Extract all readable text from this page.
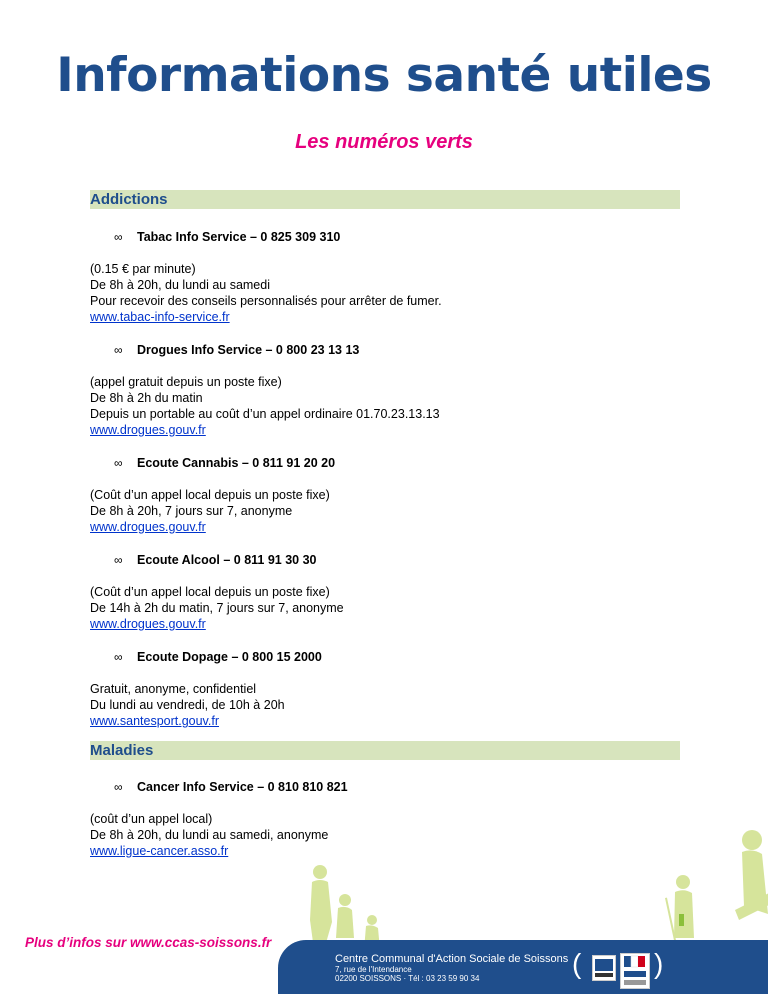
Informations santé utiles
Les numéros verts
Addictions
∞ Tabac Info Service – 0 825 309 310
(0.15 € par minute)
De 8h à 20h, du lundi au samedi
Pour recevoir des conseils personnalisés pour arrêter de fumer.
www.tabac-info-service.fr
∞ Drogues Info Service – 0 800 23 13 13
(appel gratuit depuis un poste fixe)
De 8h à 2h du matin
Depuis un portable au coût d’un appel ordinaire 01.70.23.13.13
www.drogues.gouv.fr
∞ Ecoute Cannabis – 0 811 91 20 20
(Coût d’un appel local depuis un poste fixe)
De 8h à 20h, 7 jours sur 7, anonyme
www.drogues.gouv.fr
∞ Ecoute Alcool – 0 811 91 30 30
(Coût d’un appel local depuis un poste fixe)
De 14h à 2h du matin, 7 jours sur 7, anonyme
www.drogues.gouv.fr
∞ Ecoute Dopage – 0 800 15 2000
Gratuit, anonyme, confidentiel
Du lundi au vendredi, de 10h à 20h
www.santesport.gouv.fr
Maladies
∞ Cancer Info Service – 0 810 810 821
(coût d’un appel local)
De 8h à 20h, du lundi au samedi, anonyme
www.ligue-cancer.asso.fr
Plus d’infos sur www.ccas-soissons.fr
Centre Communal d'Action Sociale de Soissons
7, rue de l'Intendance
02200 SOISSONS · Tél : 03 23 59 90 34	(	)
